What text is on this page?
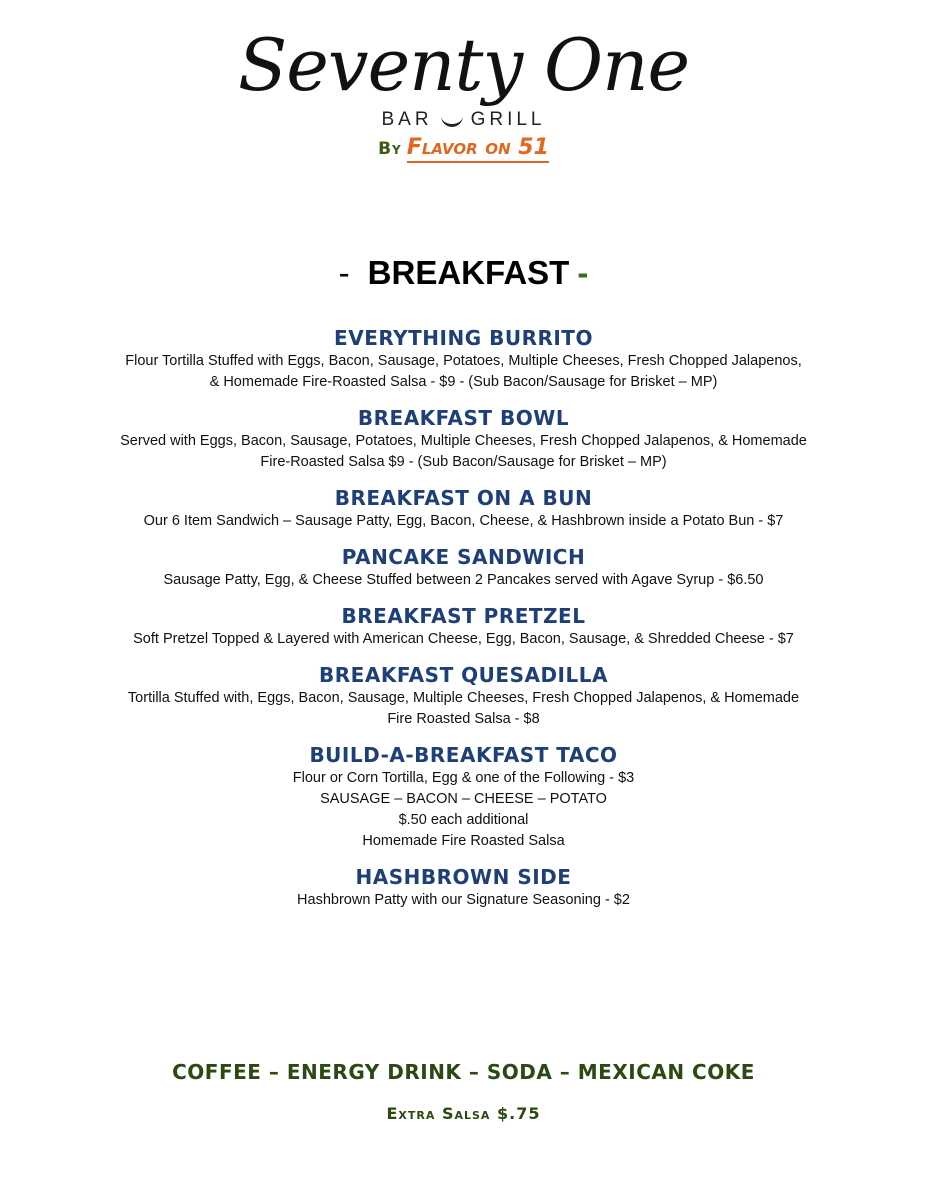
Seventy One
BAR GRILL
By Flavor on 51
- BREAKFAST -
EVERYTHING BURRITO
Flour Tortilla Stuffed with Eggs, Bacon, Sausage, Potatoes, Multiple Cheeses, Fresh Chopped Jalapenos,
& Homemade Fire-Roasted Salsa - $9 - (Sub Bacon/Sausage for Brisket – MP)
BREAKFAST BOWL
Served with Eggs, Bacon, Sausage, Potatoes, Multiple Cheeses, Fresh Chopped Jalapenos, & Homemade
Fire-Roasted Salsa $9 - (Sub Bacon/Sausage for Brisket – MP)
BREAKFAST ON A BUN
Our 6 Item Sandwich – Sausage Patty, Egg, Bacon, Cheese, & Hashbrown inside a Potato Bun - $7
PANCAKE SANDWICH
Sausage Patty, Egg, & Cheese Stuffed between 2 Pancakes served with Agave Syrup - $6.50
BREAKFAST PRETZEL
Soft Pretzel Topped & Layered with American Cheese, Egg, Bacon, Sausage, & Shredded Cheese - $7
BREAKFAST QUESADILLA
Tortilla Stuffed with, Eggs, Bacon, Sausage, Multiple Cheeses, Fresh Chopped Jalapenos, & Homemade
Fire Roasted Salsa - $8
BUILD-A-BREAKFAST TACO
Flour or Corn Tortilla, Egg & one of the Following - $3
SAUSAGE – BACON – CHEESE – POTATO
$.50 each additional
Homemade Fire Roasted Salsa
HASHBROWN SIDE
Hashbrown Patty with our Signature Seasoning - $2
COFFEE – ENERGY DRINK – SODA – MEXICAN COKE
Extra Salsa $.75
